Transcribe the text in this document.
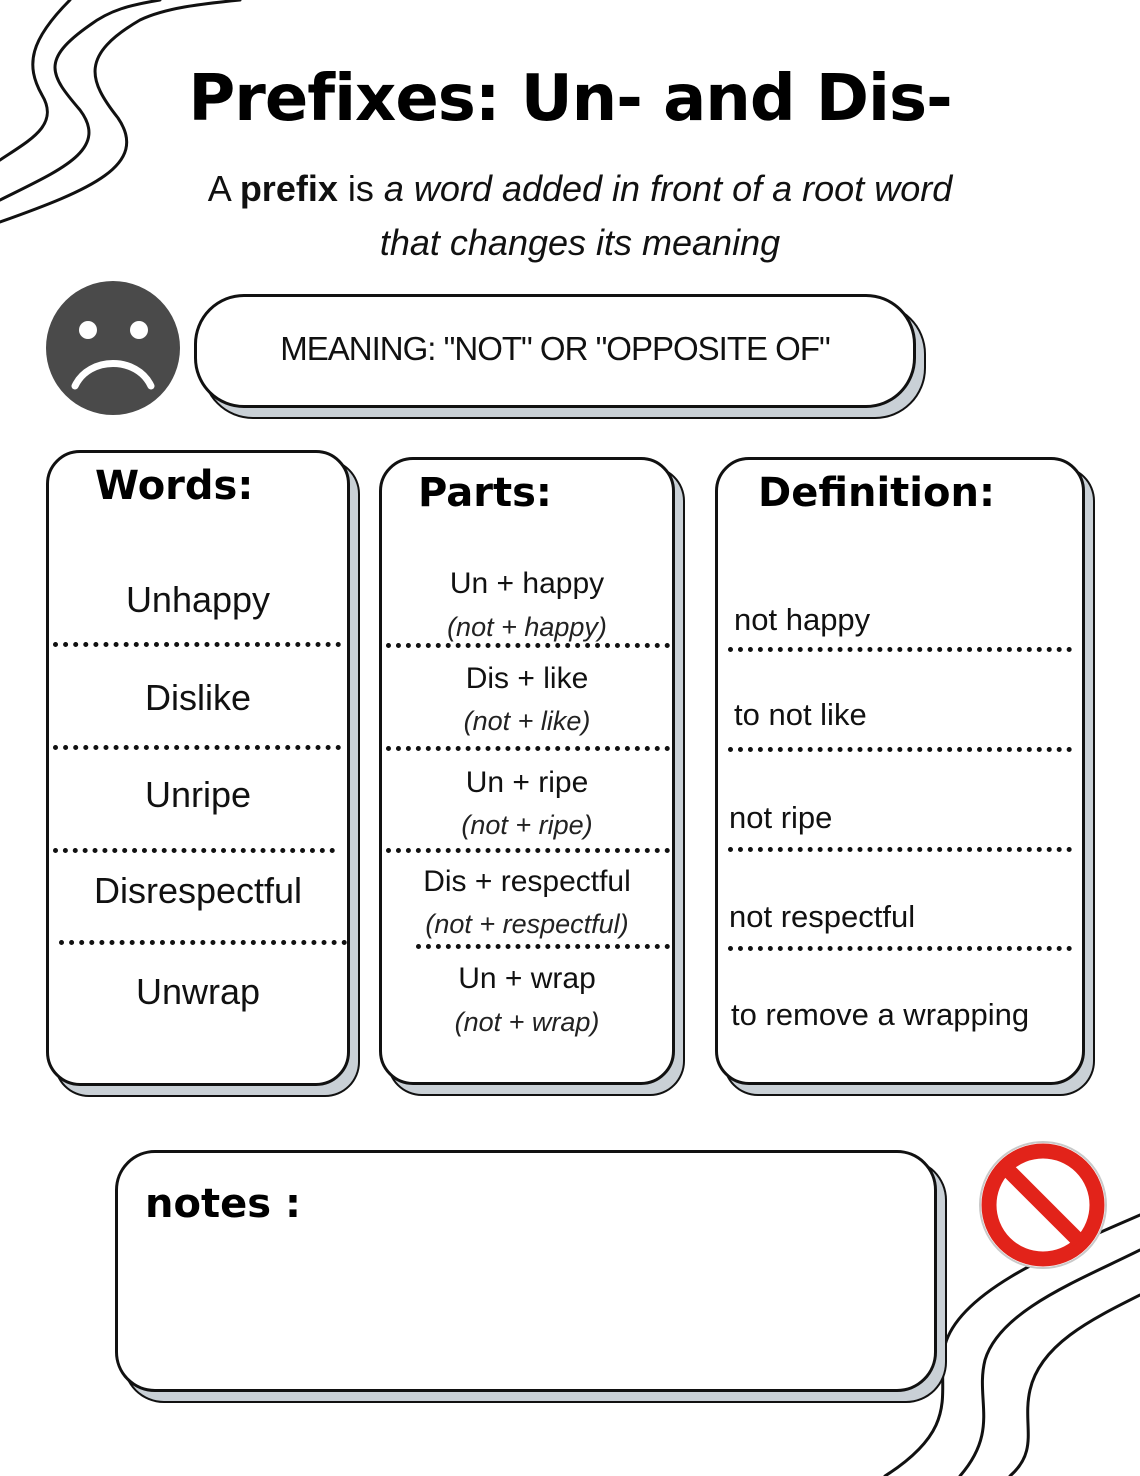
Prefixes: Un- and Dis-
A prefix is a word added in front of a root word
that changes its meaning
MEANING: "NOT" OR "OPPOSITE OF"
Words:
Unhappy
Dislike
Unripe
Disrespectful
Unwrap
Parts:
Un + happy
(not + happy)
Dis + like
(not + like)
Un + ripe
(not + ripe)
Dis + respectful
(not + respectful)
Un + wrap
(not + wrap)
Definition:
not happy
to not like
not ripe
not respectful
to remove a wrapping
notes :
